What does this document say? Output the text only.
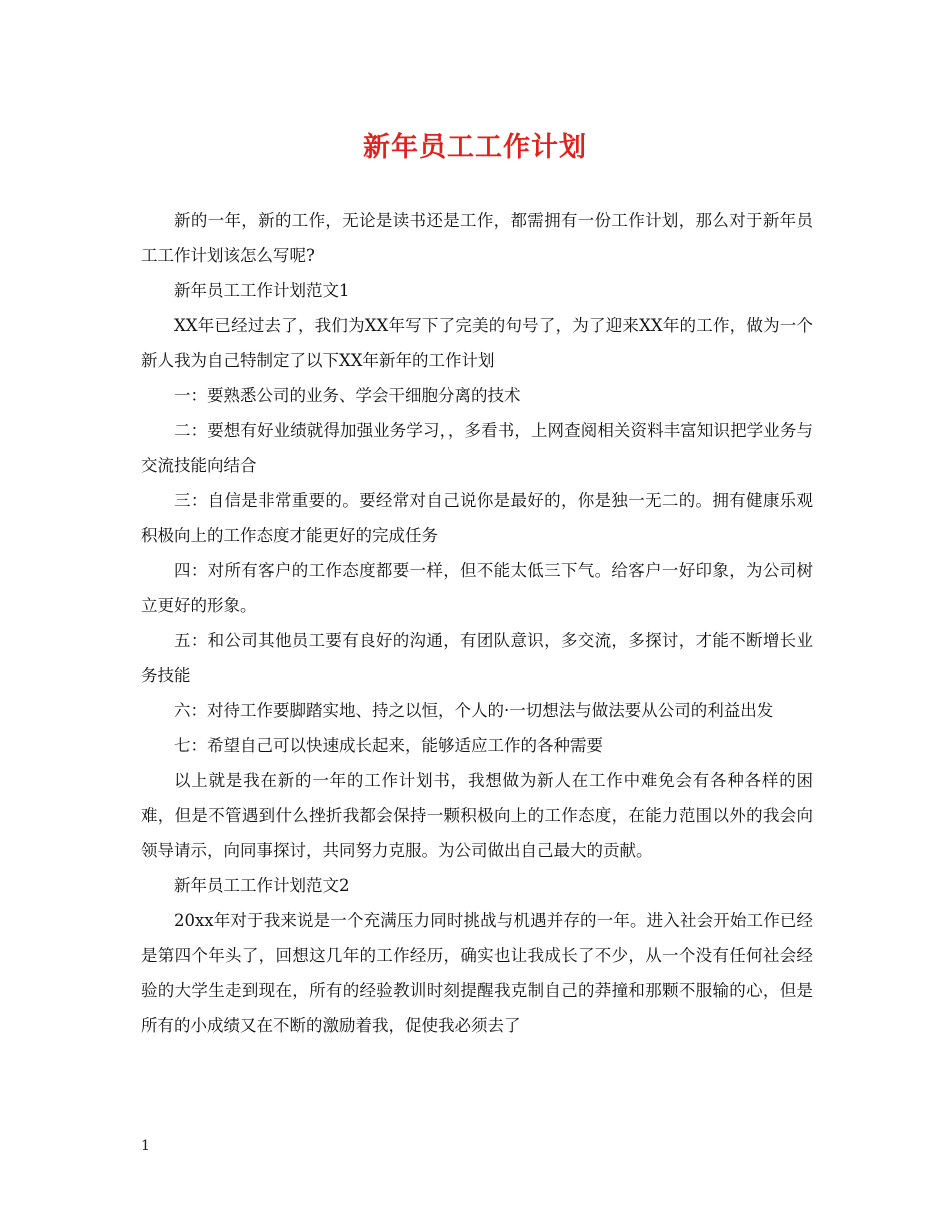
新年员工工作计划

新的一年，新的工作，无论是读书还是工作，都需拥有一份工作计划，那么对于新年员工工作计划该怎么写呢?

新年员工工作计划范文1

XX年已经过去了，我们为XX年写下了完美的句号了，为了迎来XX年的工作，做为一个新人我为自己特制定了以下XX年新年的工作计划

一：要熟悉公司的业务、学会干细胞分离的技术

二：要想有好业绩就得加强业务学习，，多看书，上网查阅相关资料丰富知识把学业务与交流技能向结合

三：自信是非常重要的。要经常对自己说你是最好的，你是独一无二的。拥有健康乐观积极向上的工作态度才能更好的完成任务

四：对所有客户的工作态度都要一样，但不能太低三下气。给客户一好印象，为公司树立更好的形象。

五：和公司其他员工要有良好的沟通，有团队意识，多交流，多探讨，才能不断增长业务技能

六：对待工作要脚踏实地、持之以恒，个人的·一切想法与做法要从公司的利益出发

七：希望自己可以快速成长起来，能够适应工作的各种需要

以上就是我在新的一年的工作计划书，我想做为新人在工作中难免会有各种各样的困难，但是不管遇到什么挫折我都会保持一颗积极向上的工作态度，在能力范围以外的我会向领导请示，向同事探讨，共同努力克服。为公司做出自己最大的贡献。

新年员工工作计划范文2

20xx年对于我来说是一个充满压力同时挑战与机遇并存的一年。进入社会开始工作已经是第四个年头了，回想这几年的工作经历，确实也让我成长了不少，从一个没有任何社会经验的大学生走到现在，所有的经验教训时刻提醒我克制自己的莽撞和那颗不服输的心，但是所有的小成绩又在不断的激励着我，促使我必须去了

1
